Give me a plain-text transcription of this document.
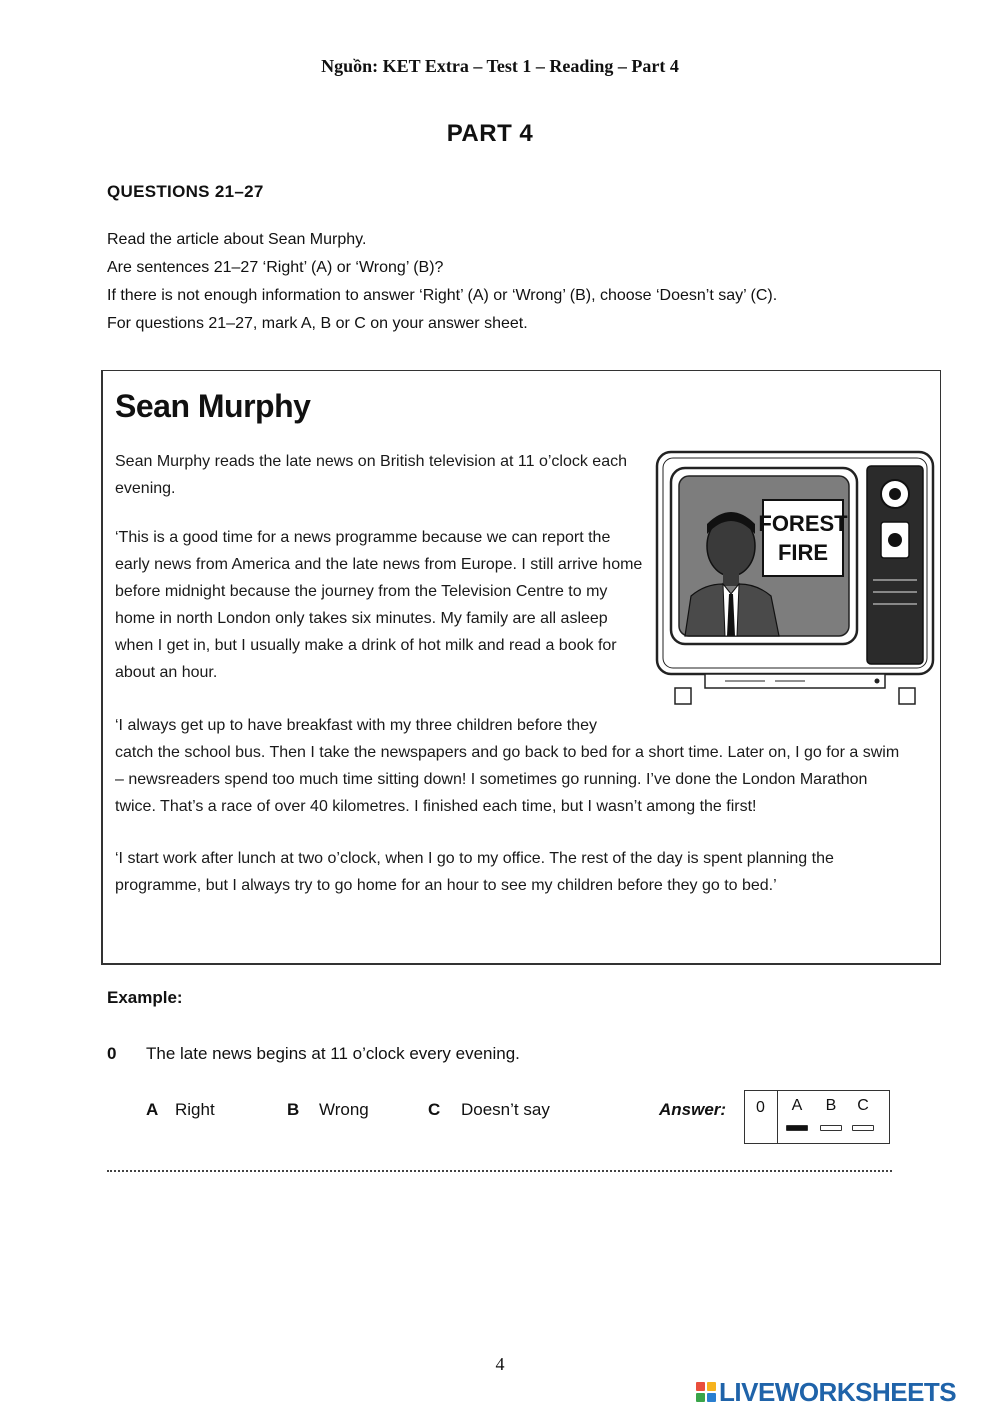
Nguồn: KET Extra – Test 1 – Reading – Part 4
PART 4
QUESTIONS 21–27
Read the article about Sean Murphy.
Are sentences 21–27 ‘Right’ (A) or ‘Wrong’ (B)?
If there is not enough information to answer ‘Right’ (A) or ‘Wrong’ (B), choose ‘Doesn’t say’ (C).
For questions 21–27, mark A, B or C on your answer sheet.
Sean Murphy
Sean Murphy reads the late news on British television at 11 o’clock each evening.
‘This is a good time for a news programme because we can report the early news from America and the late news from Europe. I still arrive home before midnight because the journey from the Television Centre to my home in north London only takes six minutes. My family are all asleep when I get in, but I usually make a drink of hot milk and read a book for about an hour.
‘I always get up to have breakfast with my three children before they
catch the school bus. Then I take the newspapers and go back to bed for a short time. Later on, I go for a swim – newsreaders spend too much time sitting down! I sometimes go running. I’ve done the London Marathon twice. That’s a race of over 40 kilometres. I finished each time, but I wasn’t among the first!
‘I start work after lunch at two o’clock, when I go to my office. The rest of the day is spent planning the programme, but I always try to go home for an hour to see my children before they go to bed.’
FOREST
FIRE
Example:
0 The late news begins at 11 o’clock every evening.
A Right	B Wrong	C Doesn’t say	Answer: 0	A	B	C
4
LIVEWORKSHEETS
